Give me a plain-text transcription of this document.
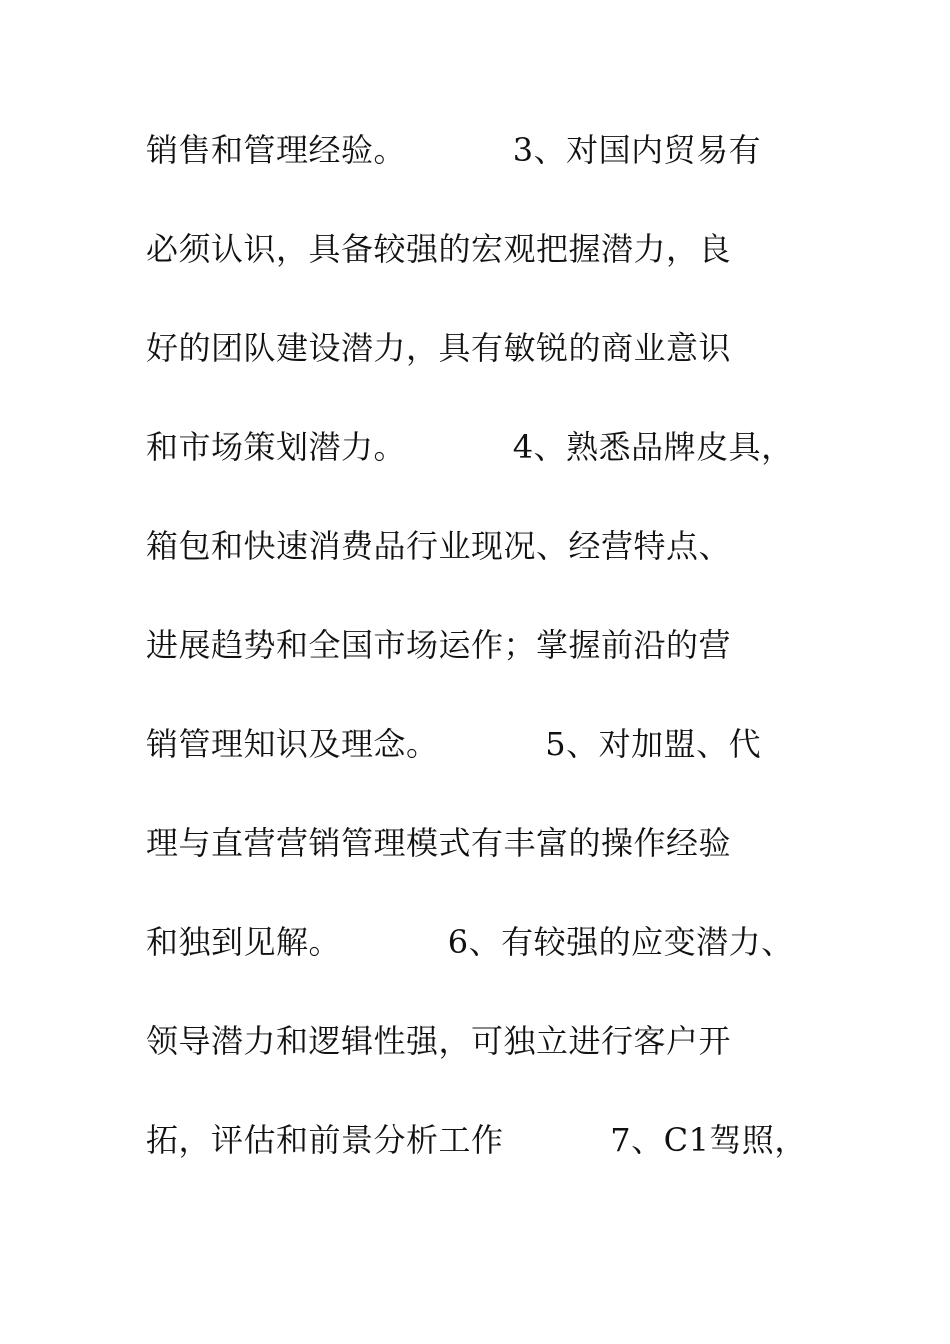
销售和管理经验。          3、对国内贸易有
必须认识，具备较强的宏观把握潜力，良
好的团队建设潜力，具有敏锐的商业意识
和市场策划潜力。          4、熟悉品牌皮具，
箱包和快速消费品行业现况、经营特点、
进展趋势和全国市场运作；掌握前沿的营
销管理知识及理念。          5、对加盟、代
理与直营营销管理模式有丰富的操作经验
和独到见解。          6、有较强的应变潜力、
领导潜力和逻辑性强，可独立进行客户开
拓，评估和前景分析工作          7、C1驾照，
